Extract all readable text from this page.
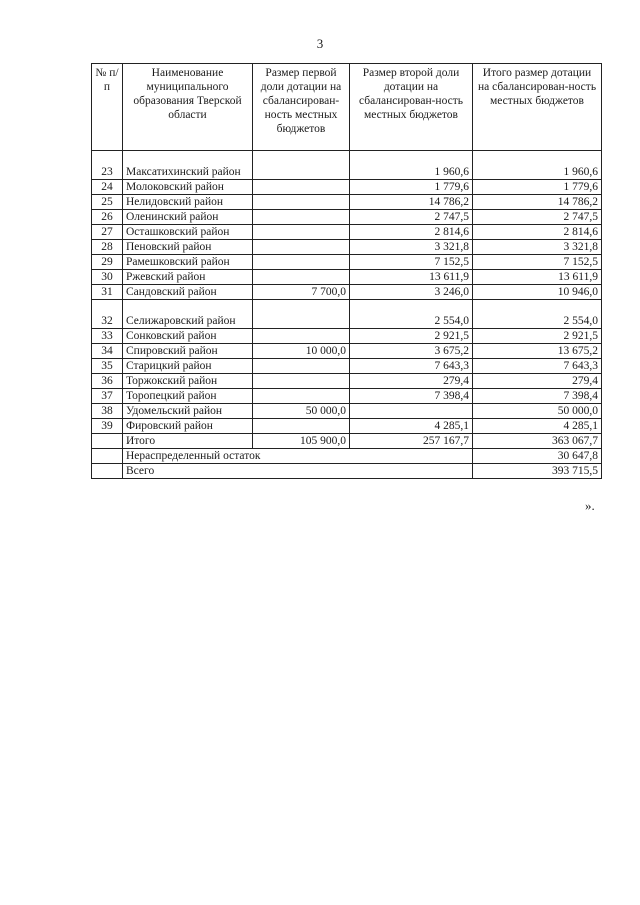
3
№ п/п	Наименование муниципального образования Тверской области	Размер первой доли дотации на сбалансирован-ность местных бюджетов	Размер второй доли дотации на сбалансирован-ность местных бюджетов	Итого размер дотации на сбалансирован-ность местных бюджетов
23	Максатихинский район		1 960,6	1 960,6
24	Молоковский район		1 779,6	1 779,6
25	Нелидовский район		14 786,2	14 786,2
26	Оленинский район		2 747,5	2 747,5
27	Осташковский район		2 814,6	2 814,6
28	Пеновский район		3 321,8	3 321,8
29	Рамешковский район		7 152,5	7 152,5
30	Ржевский район		13 611,9	13 611,9
31	Сандовский район	7 700,0	3 246,0	10 946,0
32	Селижаровский район		2 554,0	2 554,0
33	Сонковский район		2 921,5	2 921,5
34	Спировский район	10 000,0	3 675,2	13 675,2
35	Старицкий район		7 643,3	7 643,3
36	Торжокский район		279,4	279,4
37	Торопецкий район		7 398,4	7 398,4
38	Удомельский район	50 000,0		50 000,0
39	Фировский район		4 285,1	4 285,1
	Итого	105 900,0	257 167,7	363 067,7
	Нераспределенный остаток			30 647,8
	Всего			393 715,5
».
